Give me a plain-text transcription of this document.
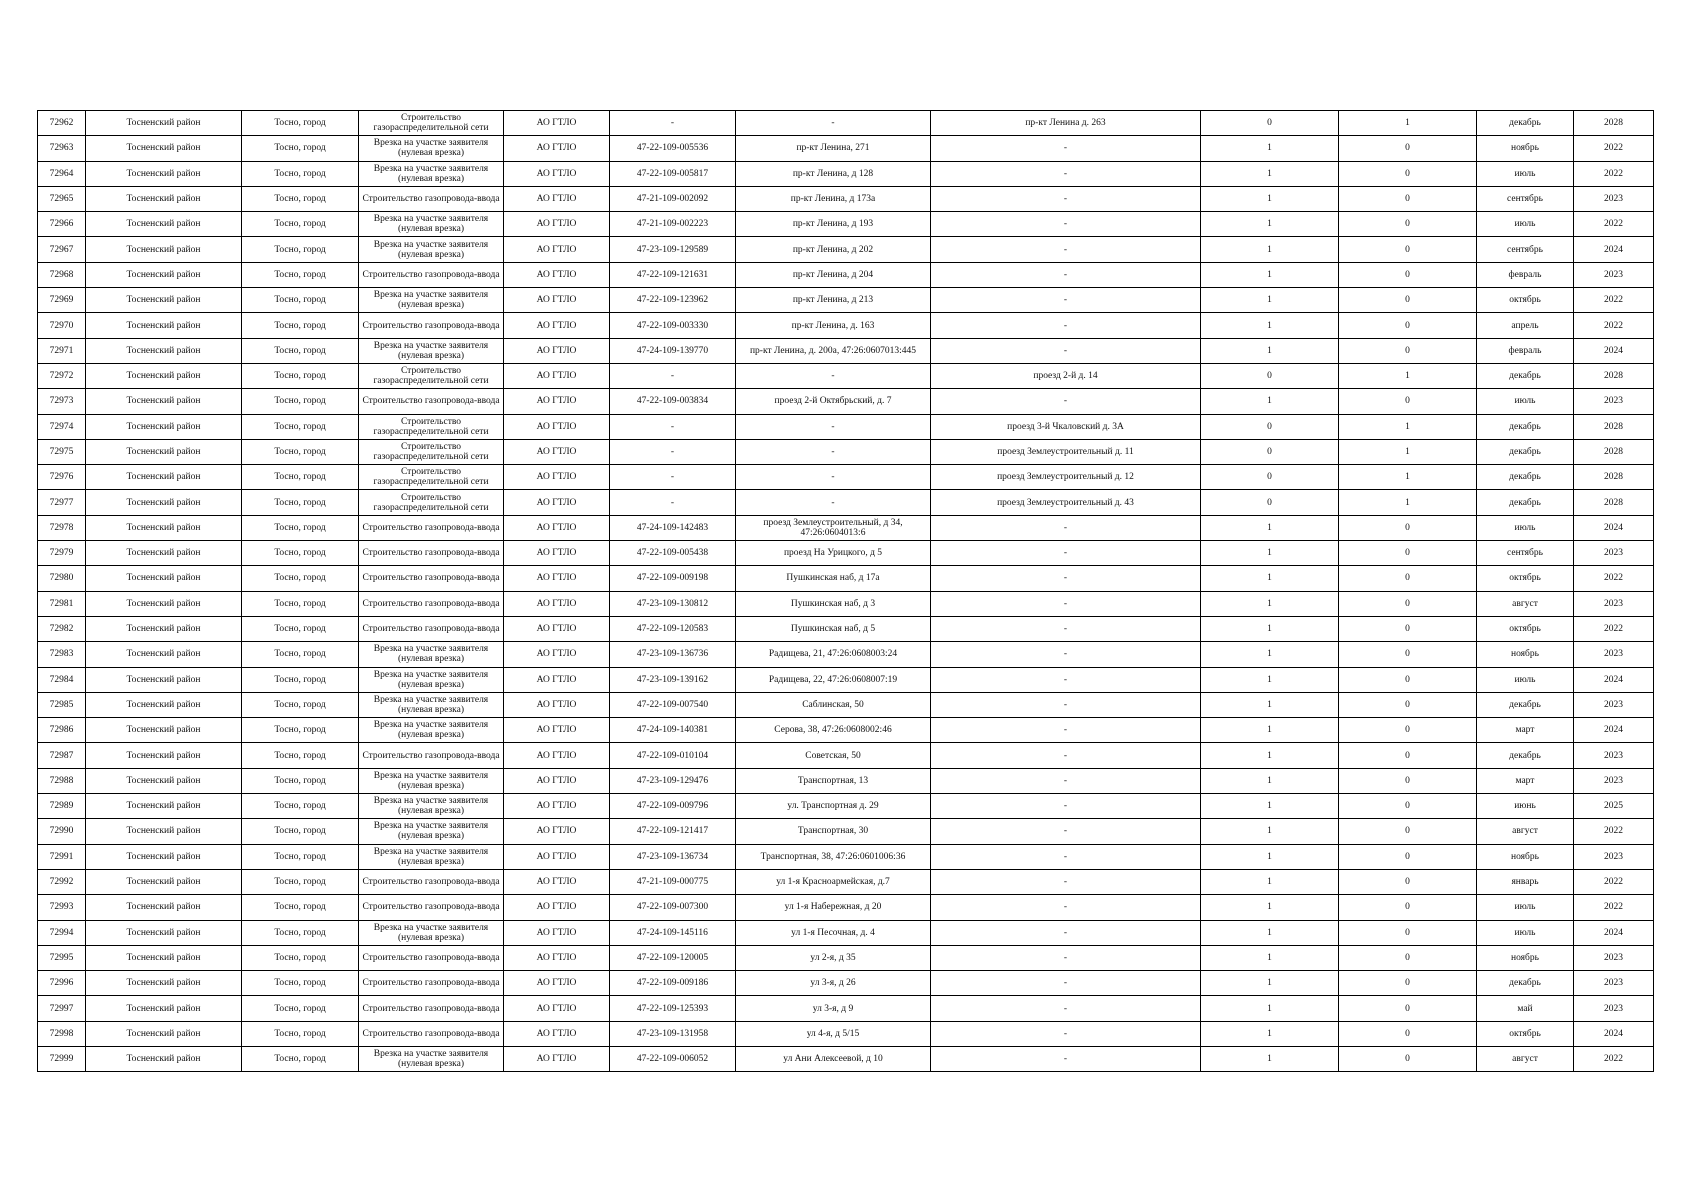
72962	Тосненский район	Тосно, город	Строительство газораспределительной сети	АО ГТЛО	-	-	пр-кт Ленина д. 263	0	1	декабрь	2028
72963	Тосненский район	Тосно, город	Врезка на участке заявителя (нулевая врезка)	АО ГТЛО	47-22-109-005536	пр-кт Ленина, 271	-	1	0	ноябрь	2022
72964	Тосненский район	Тосно, город	Врезка на участке заявителя (нулевая врезка)	АО ГТЛО	47-22-109-005817	пр-кт Ленина, д 128	-	1	0	июль	2022
72965	Тосненский район	Тосно, город	Строительство газопровода-ввода	АО ГТЛО	47-21-109-002092	пр-кт Ленина, д 173а	-	1	0	сентябрь	2023
72966	Тосненский район	Тосно, город	Врезка на участке заявителя (нулевая врезка)	АО ГТЛО	47-21-109-002223	пр-кт Ленина, д 193	-	1	0	июль	2022
72967	Тосненский район	Тосно, город	Врезка на участке заявителя (нулевая врезка)	АО ГТЛО	47-23-109-129589	пр-кт Ленина, д 202	-	1	0	сентябрь	2024
72968	Тосненский район	Тосно, город	Строительство газопровода-ввода	АО ГТЛО	47-22-109-121631	пр-кт Ленина, д 204	-	1	0	февраль	2023
72969	Тосненский район	Тосно, город	Врезка на участке заявителя (нулевая врезка)	АО ГТЛО	47-22-109-123962	пр-кт Ленина, д 213	-	1	0	октябрь	2022
72970	Тосненский район	Тосно, город	Строительство газопровода-ввода	АО ГТЛО	47-22-109-003330	пр-кт Ленина, д. 163	-	1	0	апрель	2022
72971	Тосненский район	Тосно, город	Врезка на участке заявителя (нулевая врезка)	АО ГТЛО	47-24-109-139770	пр-кт Ленина, д. 200а, 47:26:0607013:445	-	1	0	февраль	2024
72972	Тосненский район	Тосно, город	Строительство газораспределительной сети	АО ГТЛО	-	-	проезд 2-й д. 14	0	1	декабрь	2028
72973	Тосненский район	Тосно, город	Строительство газопровода-ввода	АО ГТЛО	47-22-109-003834	проезд 2-й Октябрьский, д. 7	-	1	0	июль	2023
72974	Тосненский район	Тосно, город	Строительство газораспределительной сети	АО ГТЛО	-	-	проезд 3-й Чкаловский д. 3А	0	1	декабрь	2028
72975	Тосненский район	Тосно, город	Строительство газораспределительной сети	АО ГТЛО	-	-	проезд Землеустроительный д. 11	0	1	декабрь	2028
72976	Тосненский район	Тосно, город	Строительство газораспределительной сети	АО ГТЛО	-	-	проезд Землеустроительный д. 12	0	1	декабрь	2028
72977	Тосненский район	Тосно, город	Строительство газораспределительной сети	АО ГТЛО	-	-	проезд Землеустроительный д. 43	0	1	декабрь	2028
72978	Тосненский район	Тосно, город	Строительство газопровода-ввода	АО ГТЛО	47-24-109-142483	проезд Землеустроительный, д 34, 47:26:0604013:6	-	1	0	июль	2024
72979	Тосненский район	Тосно, город	Строительство газопровода-ввода	АО ГТЛО	47-22-109-005438	проезд На Урицкого, д 5	-	1	0	сентябрь	2023
72980	Тосненский район	Тосно, город	Строительство газопровода-ввода	АО ГТЛО	47-22-109-009198	Пушкинская наб, д 17а	-	1	0	октябрь	2022
72981	Тосненский район	Тосно, город	Строительство газопровода-ввода	АО ГТЛО	47-23-109-130812	Пушкинская наб, д 3	-	1	0	август	2023
72982	Тосненский район	Тосно, город	Строительство газопровода-ввода	АО ГТЛО	47-22-109-120583	Пушкинская наб, д 5	-	1	0	октябрь	2022
72983	Тосненский район	Тосно, город	Врезка на участке заявителя (нулевая врезка)	АО ГТЛО	47-23-109-136736	Радищева, 21, 47:26:0608003:24	-	1	0	ноябрь	2023
72984	Тосненский район	Тосно, город	Врезка на участке заявителя (нулевая врезка)	АО ГТЛО	47-23-109-139162	Радищева, 22, 47:26:0608007:19	-	1	0	июль	2024
72985	Тосненский район	Тосно, город	Врезка на участке заявителя (нулевая врезка)	АО ГТЛО	47-22-109-007540	Саблинская, 50	-	1	0	декабрь	2023
72986	Тосненский район	Тосно, город	Врезка на участке заявителя (нулевая врезка)	АО ГТЛО	47-24-109-140381	Серова, 38, 47:26:0608002:46	-	1	0	март	2024
72987	Тосненский район	Тосно, город	Строительство газопровода-ввода	АО ГТЛО	47-22-109-010104	Советская, 50	-	1	0	декабрь	2023
72988	Тосненский район	Тосно, город	Врезка на участке заявителя (нулевая врезка)	АО ГТЛО	47-23-109-129476	Транспортная, 13	-	1	0	март	2023
72989	Тосненский район	Тосно, город	Врезка на участке заявителя (нулевая врезка)	АО ГТЛО	47-22-109-009796	ул. Транспортная д. 29	-	1	0	июнь	2025
72990	Тосненский район	Тосно, город	Врезка на участке заявителя (нулевая врезка)	АО ГТЛО	47-22-109-121417	Транспортная, 30	-	1	0	август	2022
72991	Тосненский район	Тосно, город	Врезка на участке заявителя (нулевая врезка)	АО ГТЛО	47-23-109-136734	Транспортная, 38, 47:26:0601006:36	-	1	0	ноябрь	2023
72992	Тосненский район	Тосно, город	Строительство газопровода-ввода	АО ГТЛО	47-21-109-000775	ул 1-я Красноармейская, д.7	-	1	0	январь	2022
72993	Тосненский район	Тосно, город	Строительство газопровода-ввода	АО ГТЛО	47-22-109-007300	ул 1-я Набережная, д 20	-	1	0	июль	2022
72994	Тосненский район	Тосно, город	Врезка на участке заявителя (нулевая врезка)	АО ГТЛО	47-24-109-145116	ул 1-я Песочная, д. 4	-	1	0	июль	2024
72995	Тосненский район	Тосно, город	Строительство газопровода-ввода	АО ГТЛО	47-22-109-120005	ул 2-я, д 35	-	1	0	ноябрь	2023
72996	Тосненский район	Тосно, город	Строительство газопровода-ввода	АО ГТЛО	47-22-109-009186	ул 3-я, д 26	-	1	0	декабрь	2023
72997	Тосненский район	Тосно, город	Строительство газопровода-ввода	АО ГТЛО	47-22-109-125393	ул 3-я, д 9	-	1	0	май	2023
72998	Тосненский район	Тосно, город	Строительство газопровода-ввода	АО ГТЛО	47-23-109-131958	ул 4-я, д 5/15	-	1	0	октябрь	2024
72999	Тосненский район	Тосно, город	Врезка на участке заявителя (нулевая врезка)	АО ГТЛО	47-22-109-006052	ул Ани Алексеевой, д 10	-	1	0	август	2022
